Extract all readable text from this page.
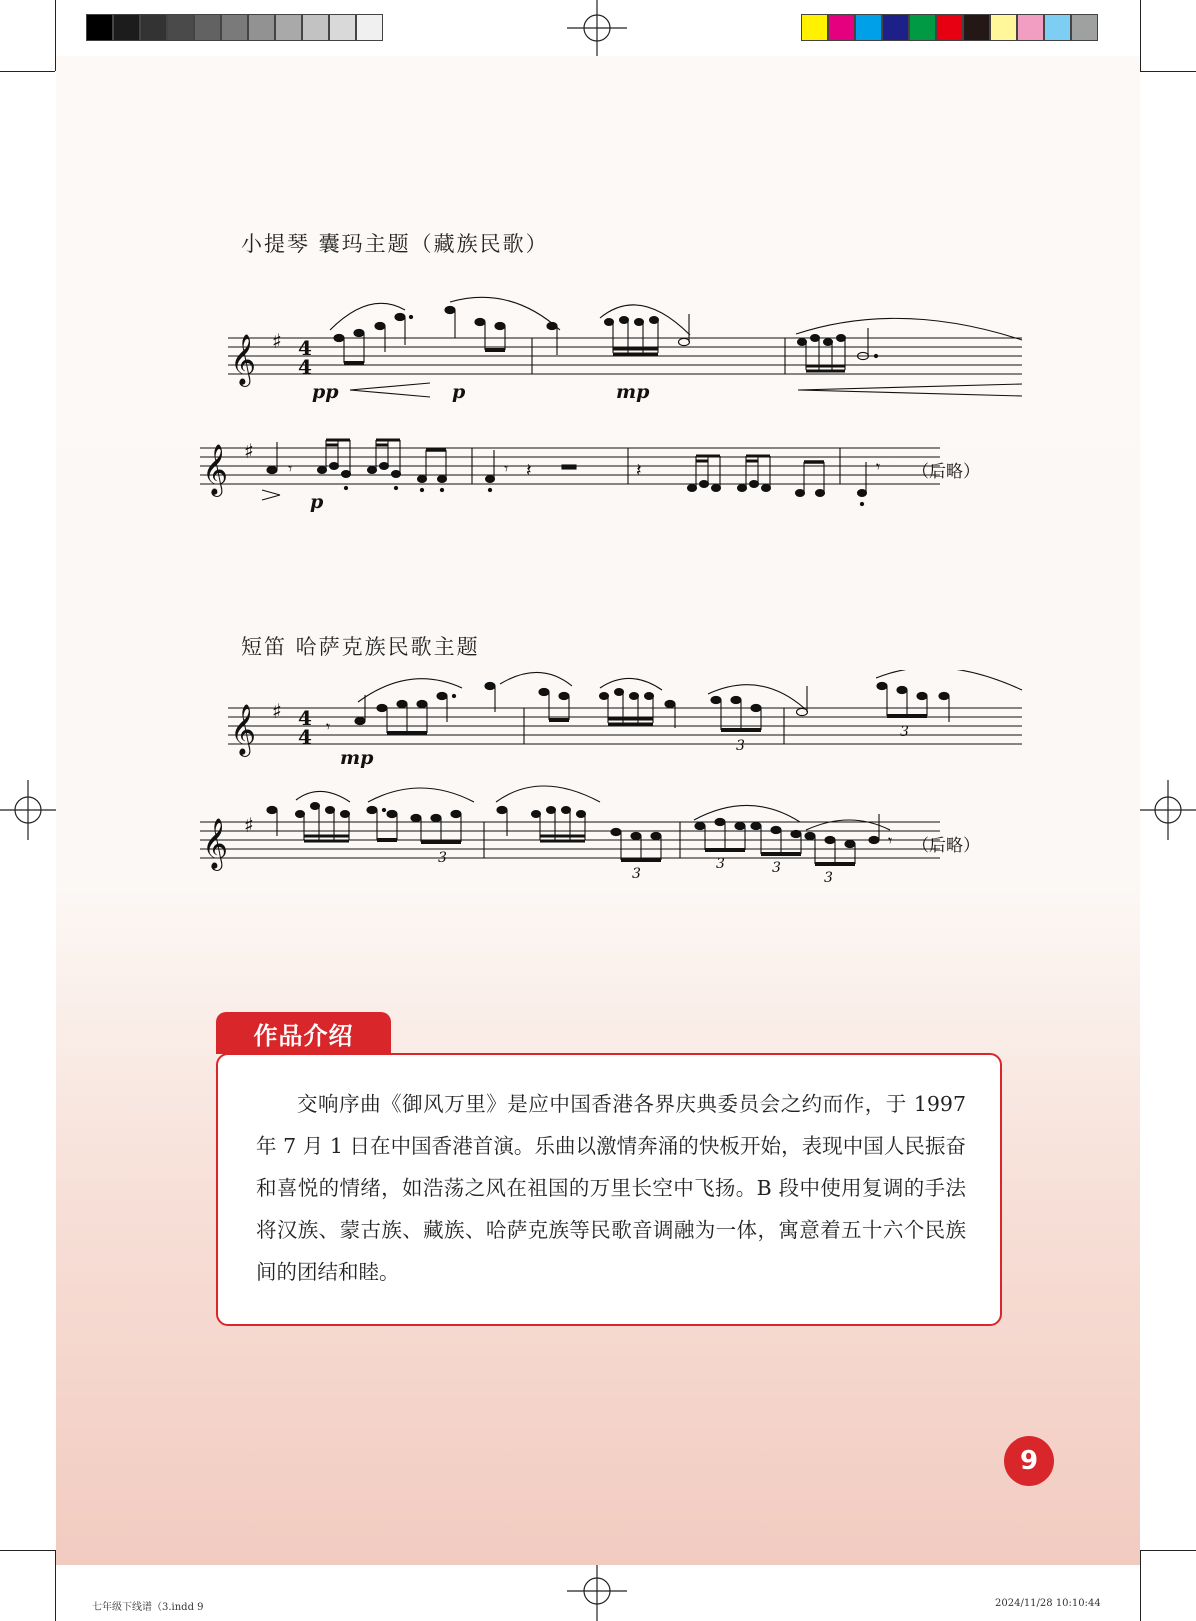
小提琴 囊玛主题（藏族民歌）
𝄞 ♯ 4
4
pp	p	mp
𝄞 ♯
𝄾
p
𝄾 𝄽	𝄽	𝄾 （后略）
短笛 哈萨克族民歌主题
𝄞 ♯ 4
4 𝄾
3
3
mp
𝄞 ♯
3
3
3	3
3
𝄾 （后略）
作品介绍

交响序曲《御风万里》是应中国香港各界庆典委员会之约而作，于 1997 年 7 月 1 日在中国香港首演。乐曲以激情奔涌的快板开始，表现中国人民振奋和喜悦的情绪，如浩荡之风在祖国的万里长空中飞扬。B 段中使用复调的手法将汉族、蒙古族、藏族、哈萨克族等民歌音调融为一体，寓意着五十六个民族间的团结和睦。

9
七年级下线谱（3.indd 9	2024/11/28 10:10:44
